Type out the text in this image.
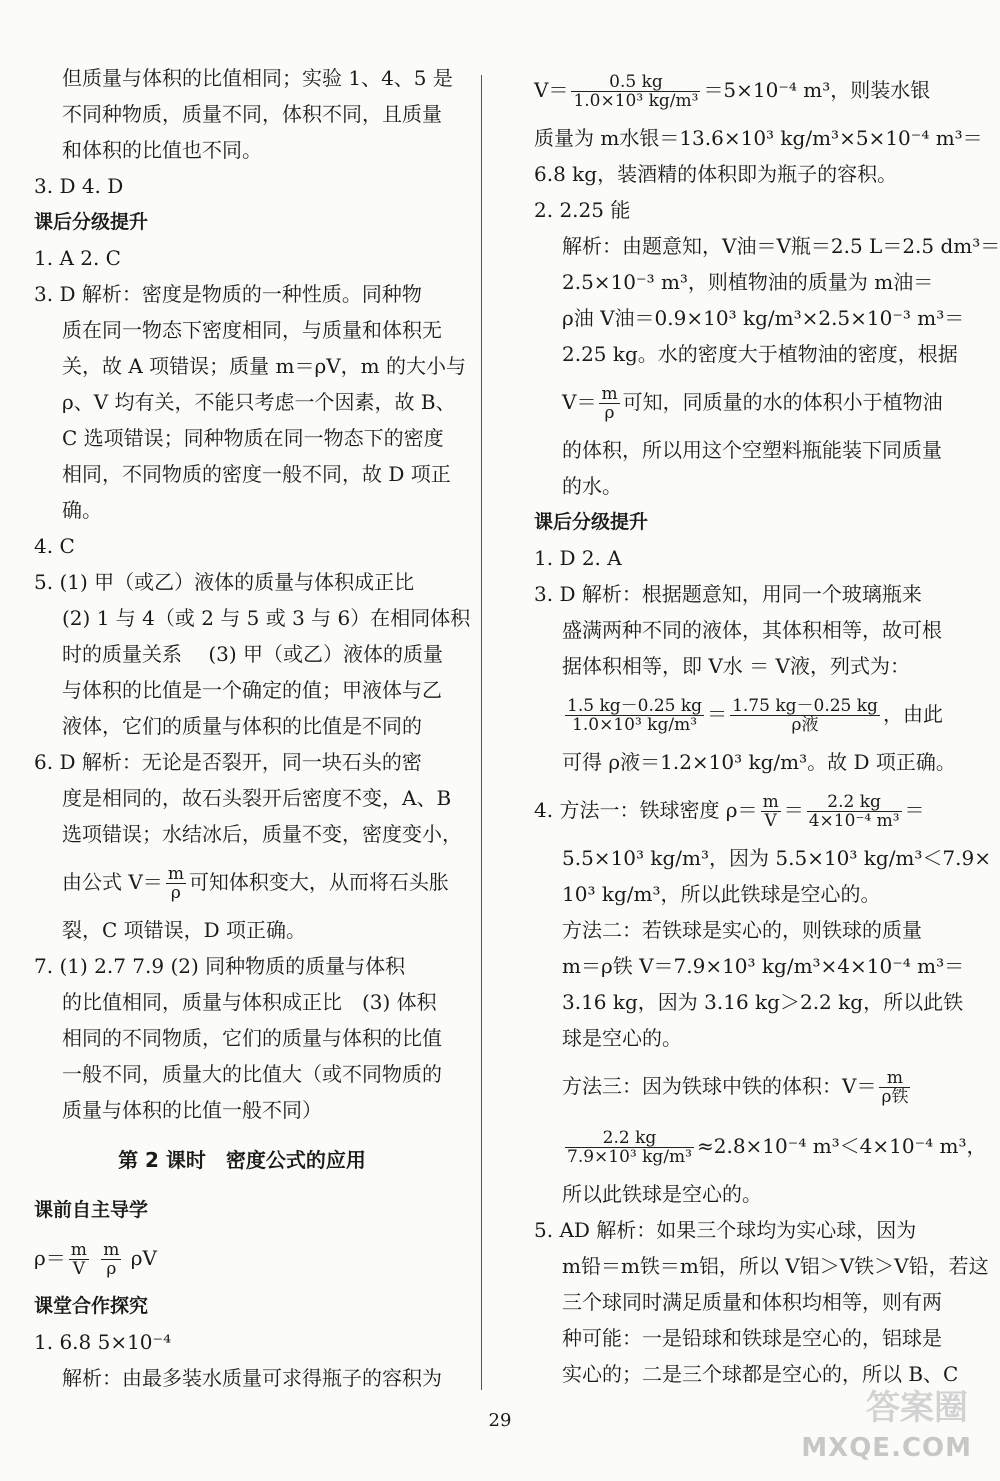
但质量与体积的比值相同；实验 1、4、5 是
不同种物质，质量不同，体积不同，且质量
和体积的比值也不同。
3. D 4. D
课后分级提升
1. A 2. C
3. D 解析：密度是物质的一种性质。同种物
质在同一物态下密度相同，与质量和体积无
关，故 A 项错误；质量 m＝ρV，m 的大小与
ρ、V 均有关，不能只考虑一个因素，故 B、
C 选项错误；同种物质在同一物态下的密度
相同，不同物质的密度一般不同，故 D 项正
确。
4. C
5. (1) 甲（或乙）液体的质量与体积成正比
(2) 1 与 4（或 2 与 5 或 3 与 6）在相同体积
时的质量关系　 (3) 甲（或乙）液体的质量
与体积的比值是一个确定的值；甲液体与乙
液体，它们的质量与体积的比值是不同的
6. D 解析：无论是否裂开，同一块石头的密
度是相同的，故石头裂开后密度不变，A、B
选项错误；水结冰后，质量不变，密度变小，
由公式 $V= \frac{m}{\rho}$ 可知体积变大，从而将石头胀
裂，C 项错误，D 项正确。
7. (1) 2.7 7.9 (2) 同种物质的质量与体积
的比值相同，质量与体积成正比　(3) 体积
相同的不同物质，它们的质量与体积的比值
一般不同，质量大的比值大（或不同物质的
质量与体积的比值一般不同）
第 2 课时　密度公式的应用
课前自主导学
$\rho= \frac{m}{V}$
$\frac{m}{\rho}$ ρV
课堂合作探究
1. 6.8 5×10⁻⁴
解析：由最多装水质量可求得瓶子的容积为
$V= \frac{0.5 kg}{\text{1.0×10³ kg/m³}} =5\times 10^{-4}$ m³，则装水银
质量为 m水银＝13.6×10³ kg/m³×5×10⁻⁴ m³＝
6.8 kg，装酒精的体积即为瓶子的容积。
2. 2.25 能
解析：由题意知，V油＝V瓶＝2.5 L＝2.5 dm³＝
2.5×10⁻³ m³，则植物油的质量为 m油＝
ρ油 V油＝0.9×10³ kg/m³×2.5×10⁻³ m³＝
2.25 kg。水的密度大于植物油的密度，根据
$V= \frac{m}{\rho}$ 可知，同质量的水的体积小于植物油
的体积，所以用这个空塑料瓶能装下同质量
的水。
课后分级提升
1. D 2. A
3. D 解析：根据题意知，用同一个玻璃瓶来
盛满两种不同的液体，其体积相等，故可根
据体积相等，即 V水 ＝ V液，列式为：
$\frac{1.5 kg-0.25 kg}{\text{1.0×10³ kg/m³}} = \frac{1.75 kg-0.25 kg}{\text{ρ液}}$ ，由此
可得 ρ液＝1.2×10³ kg/m³。故 D 项正确。
4. 方法一：铁球密度 $\rho= \frac{m}{V} = \frac{2.2 kg}{\text{4×10⁻⁴ m³}}$ ＝
5.5×10³ kg/m³，因为 5.5×10³ kg/m³＜7.9×
10³ kg/m³，所以此铁球是空心的。
方法二：若铁球是实心的，则铁球的质量
m＝ρ铁 V＝7.9×10³ kg/m³×4×10⁻⁴ m³＝
3.16 kg，因为 3.16 kg＞2.2 kg，所以此铁
球是空心的。
方法三：因为铁球中铁的体积：$V= \frac{m}{\text{ρ铁}}$
$\frac{2.2 kg}{\text{7.9×10³ kg/m³}} \approx 2.8\times 10^{-4}$ m³＜4×10⁻⁴ m³，
所以此铁球是空心的。
5. AD 解析：如果三个球均为实心球，因为
m铅＝m铁＝m铝，所以 V铝＞V铁＞V铅，若这
三个球同时满足质量和体积均相等，则有两
种可能：一是铅球和铁球是空心的，铝球是
实心的；二是三个球都是空心的，所以 B、C
29	答案圈
MXQE.COM
